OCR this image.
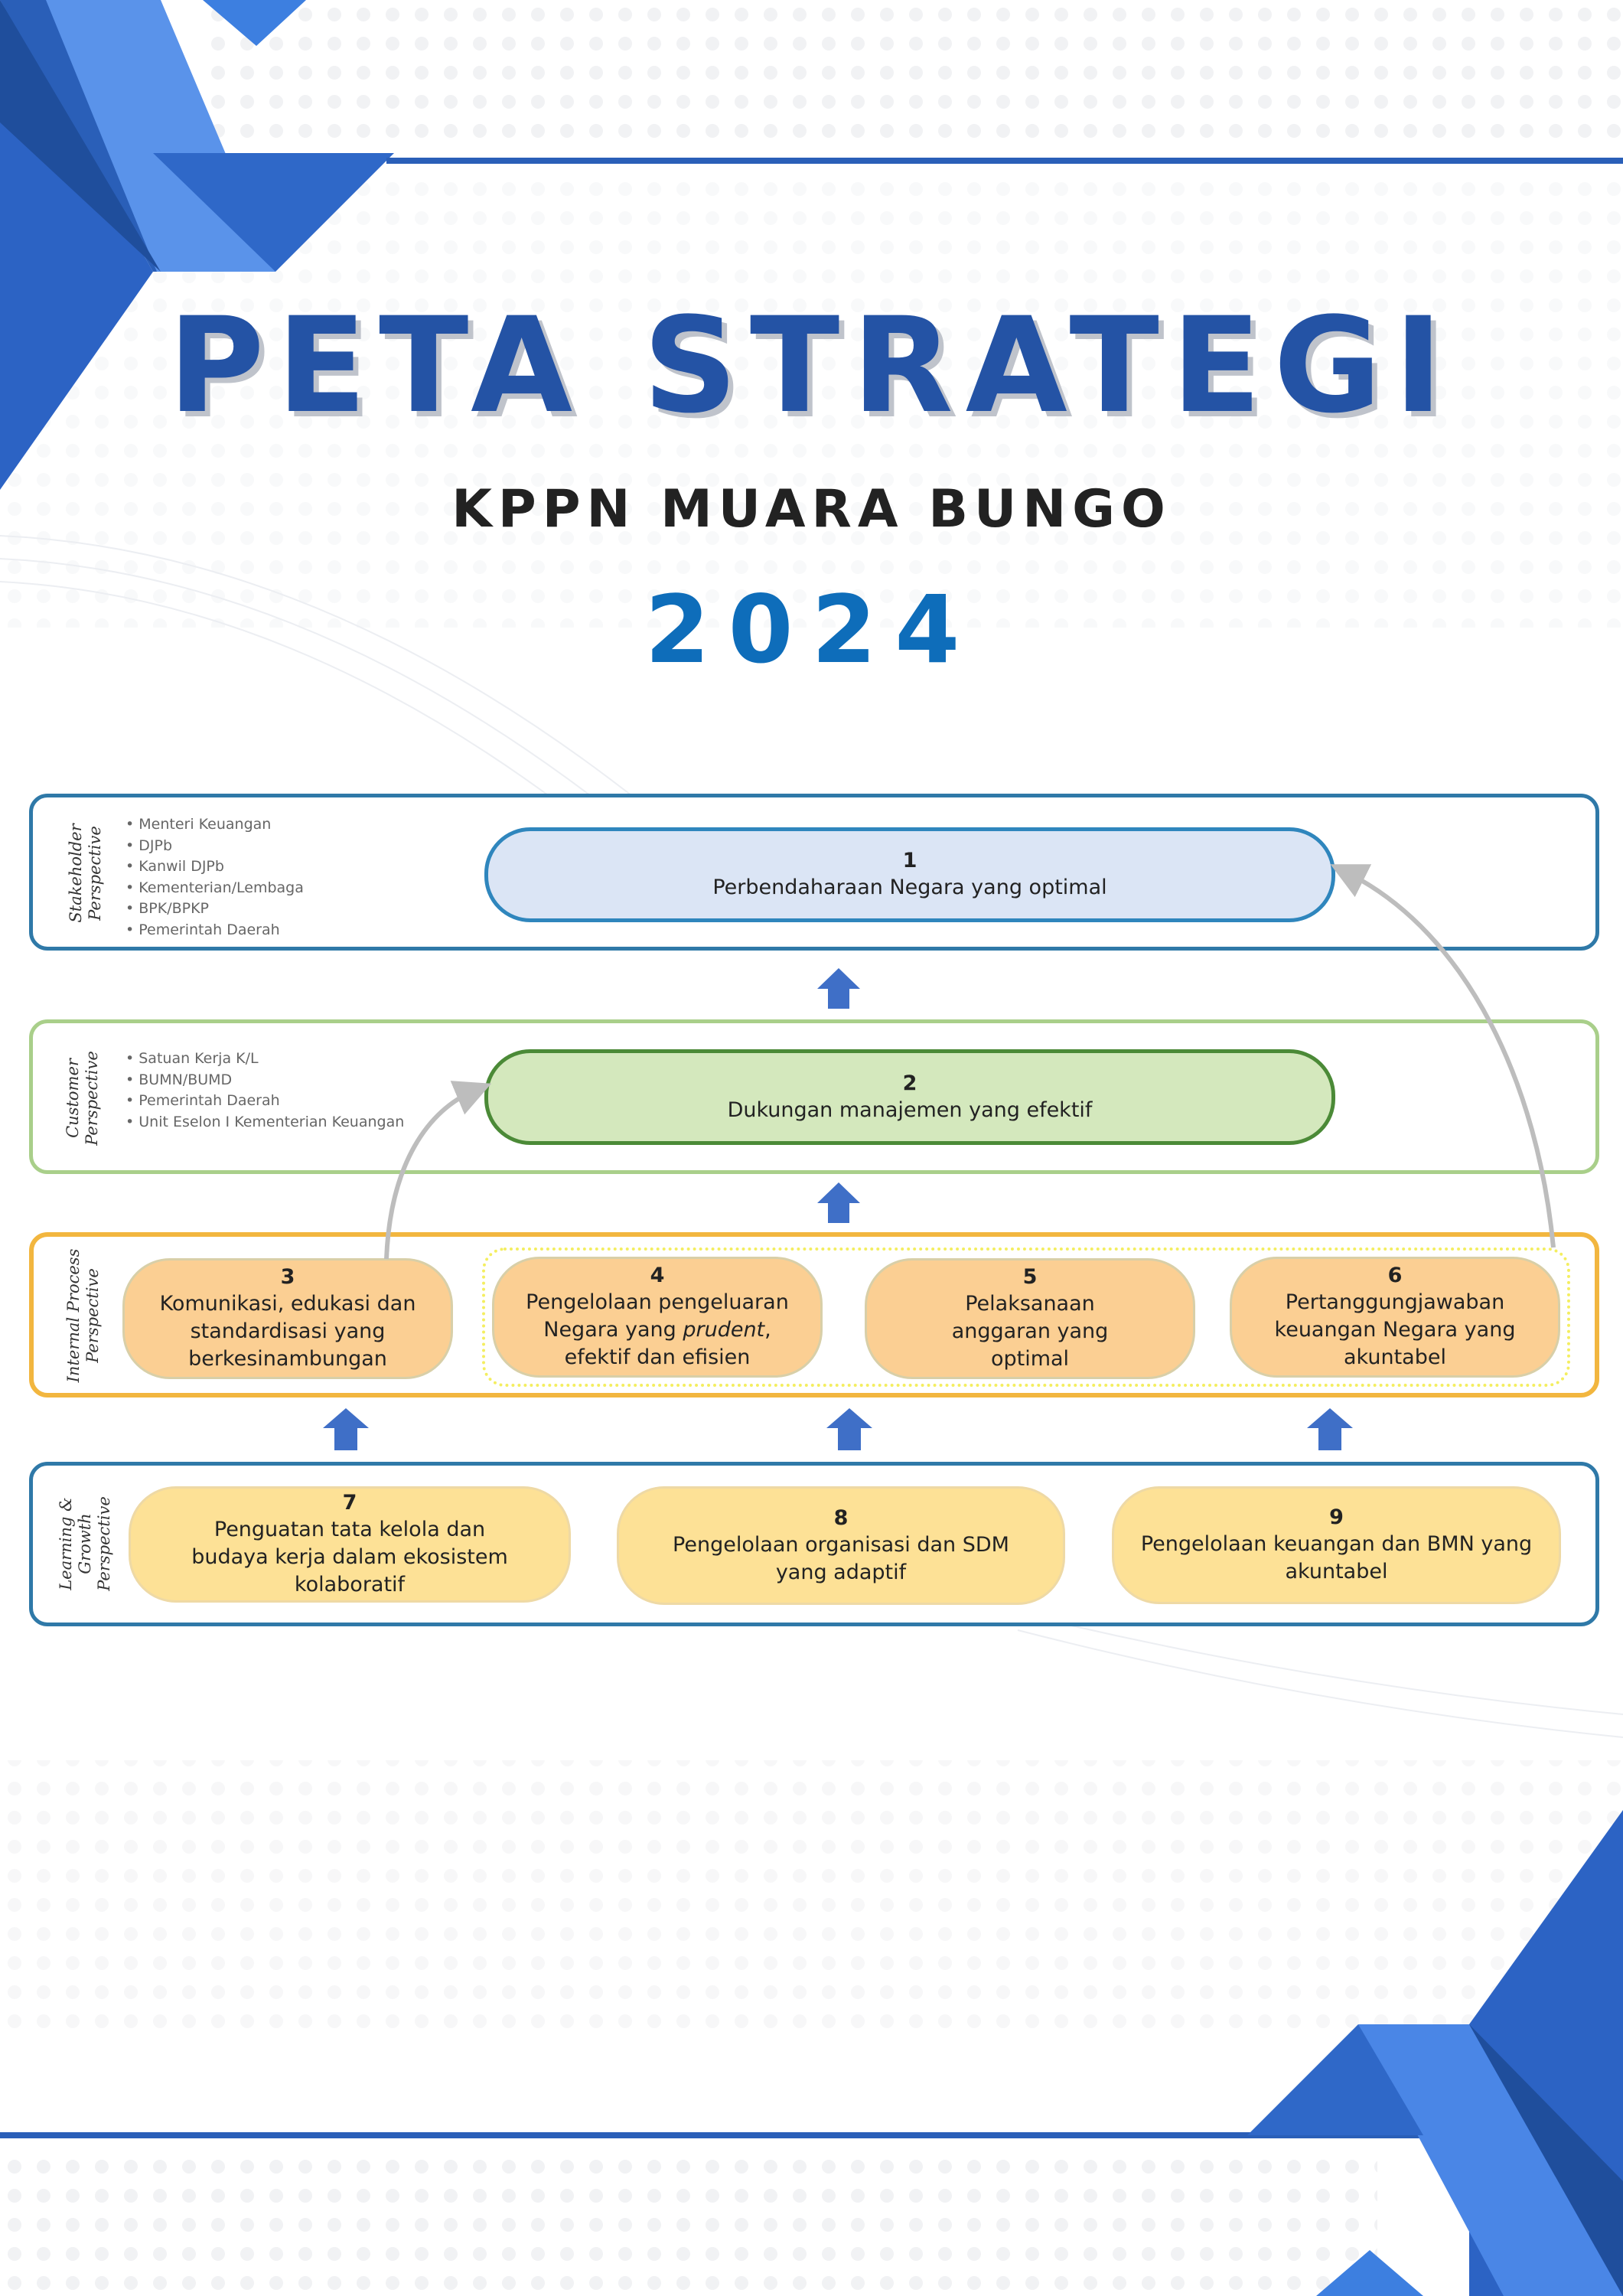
PETA STRATEGI
KPPN MUARA BUNGO
2024
Stakeholder Perspective
• Menteri Keuangan
• DJPb
• Kanwil DJPb
• Kementerian/Lembaga
• BPK/BPKP
• Pemerintah Daerah
Customer Perspective
•	Satuan Kerja K/L
• BUMN/BUMD
• Pemerintah Daerah
• Unit Eselon I Kementerian Keuangan
Internal Process Perspective
Learning & Growth Perspective
1
Perbendaharaan Negara yang optimal
2
Dukungan manajemen yang efektif
3
Komunikasi, edukasi dan standardisasi yang berkesinambungan
4
Pengelolaan pengeluaran Negara yang prudent, efektif dan efisien
5
Pelaksanaan anggaran yang optimal
6
Pertanggungjawaban keuangan Negara yang akuntabel
7
Penguatan tata kelola dan budaya kerja dalam ekosistem kolaboratif
8
Pengelolaan organisasi dan SDM yang adaptif
9
Pengelolaan keuangan dan BMN yang akuntabel
